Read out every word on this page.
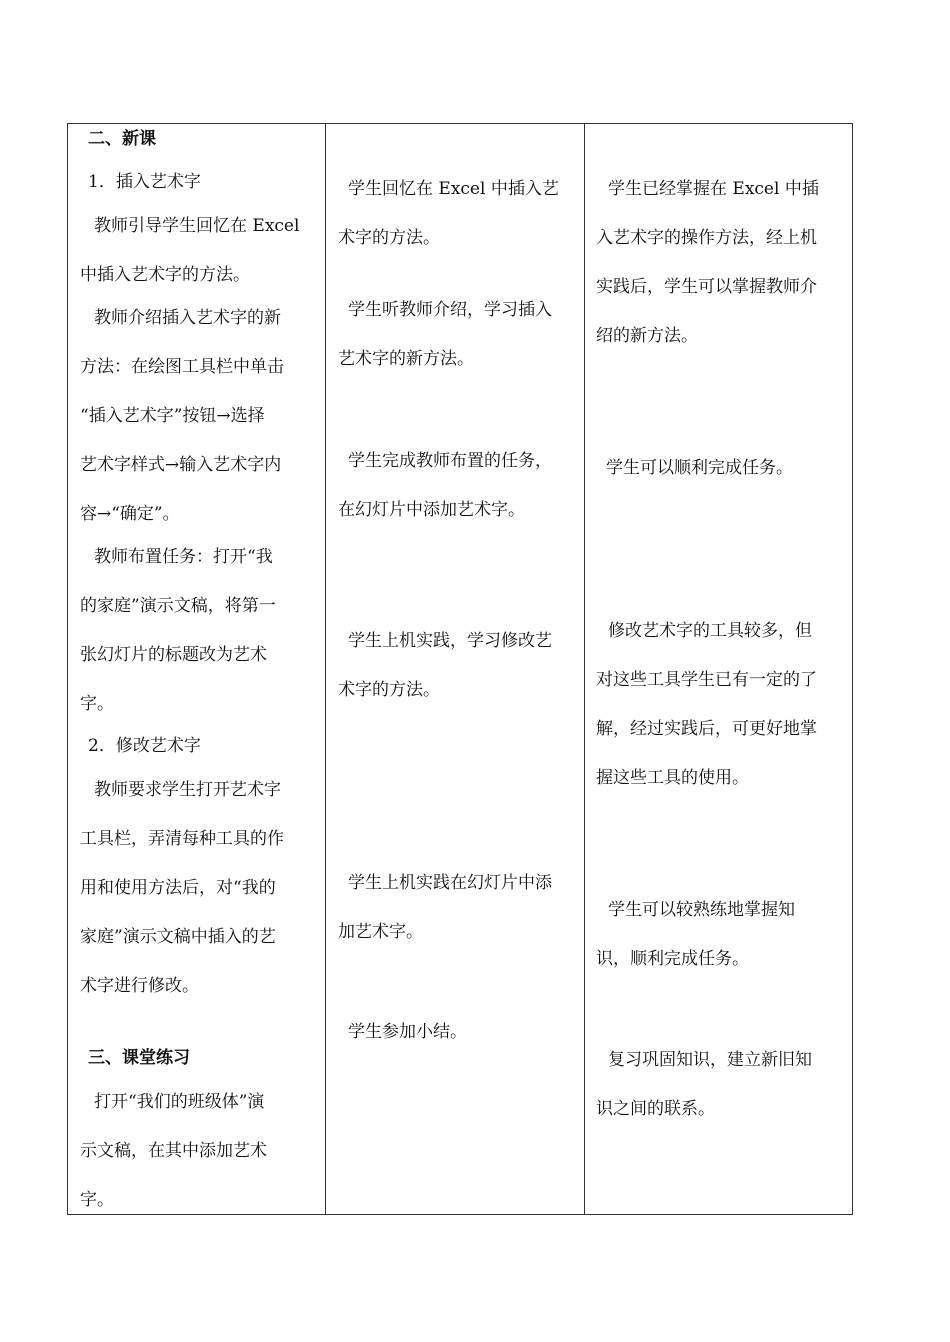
二、新课
1．插入艺术字
教师引导学生回忆在 Excel
中插入艺术字的方法。
教师介绍插入艺术字的新
方法：在绘图工具栏中单击
“插入艺术字”按钮→选择
艺术字样式→输入艺术字内
容→“确定”。
教师布置任务：打开“我
的家庭”演示文稿，将第一
张幻灯片的标题改为艺术
字。
2．修改艺术字
教师要求学生打开艺术字
工具栏，弄清每种工具的作
用和使用方法后，对“我的
家庭”演示文稿中插入的艺
术字进行修改。
三、课堂练习
打开“我们的班级体”演
示文稿，在其中添加艺术
字。
学生回忆在 Excel 中插入艺
术字的方法。
学生听教师介绍，学习插入
艺术字的新方法。
学生完成教师布置的任务，
在幻灯片中添加艺术字。
学生上机实践，学习修改艺
术字的方法。
学生上机实践在幻灯片中添
加艺术字。
学生参加小结。
学生已经掌握在 Excel 中插
入艺术字的操作方法，经上机
实践后，学生可以掌握教师介
绍的新方法。
学生可以顺利完成任务。
修改艺术字的工具较多，但
对这些工具学生已有一定的了
解，经过实践后，可更好地掌
握这些工具的使用。
学生可以较熟练地掌握知
识，顺利完成任务。
复习巩固知识，建立新旧知
识之间的联系。
